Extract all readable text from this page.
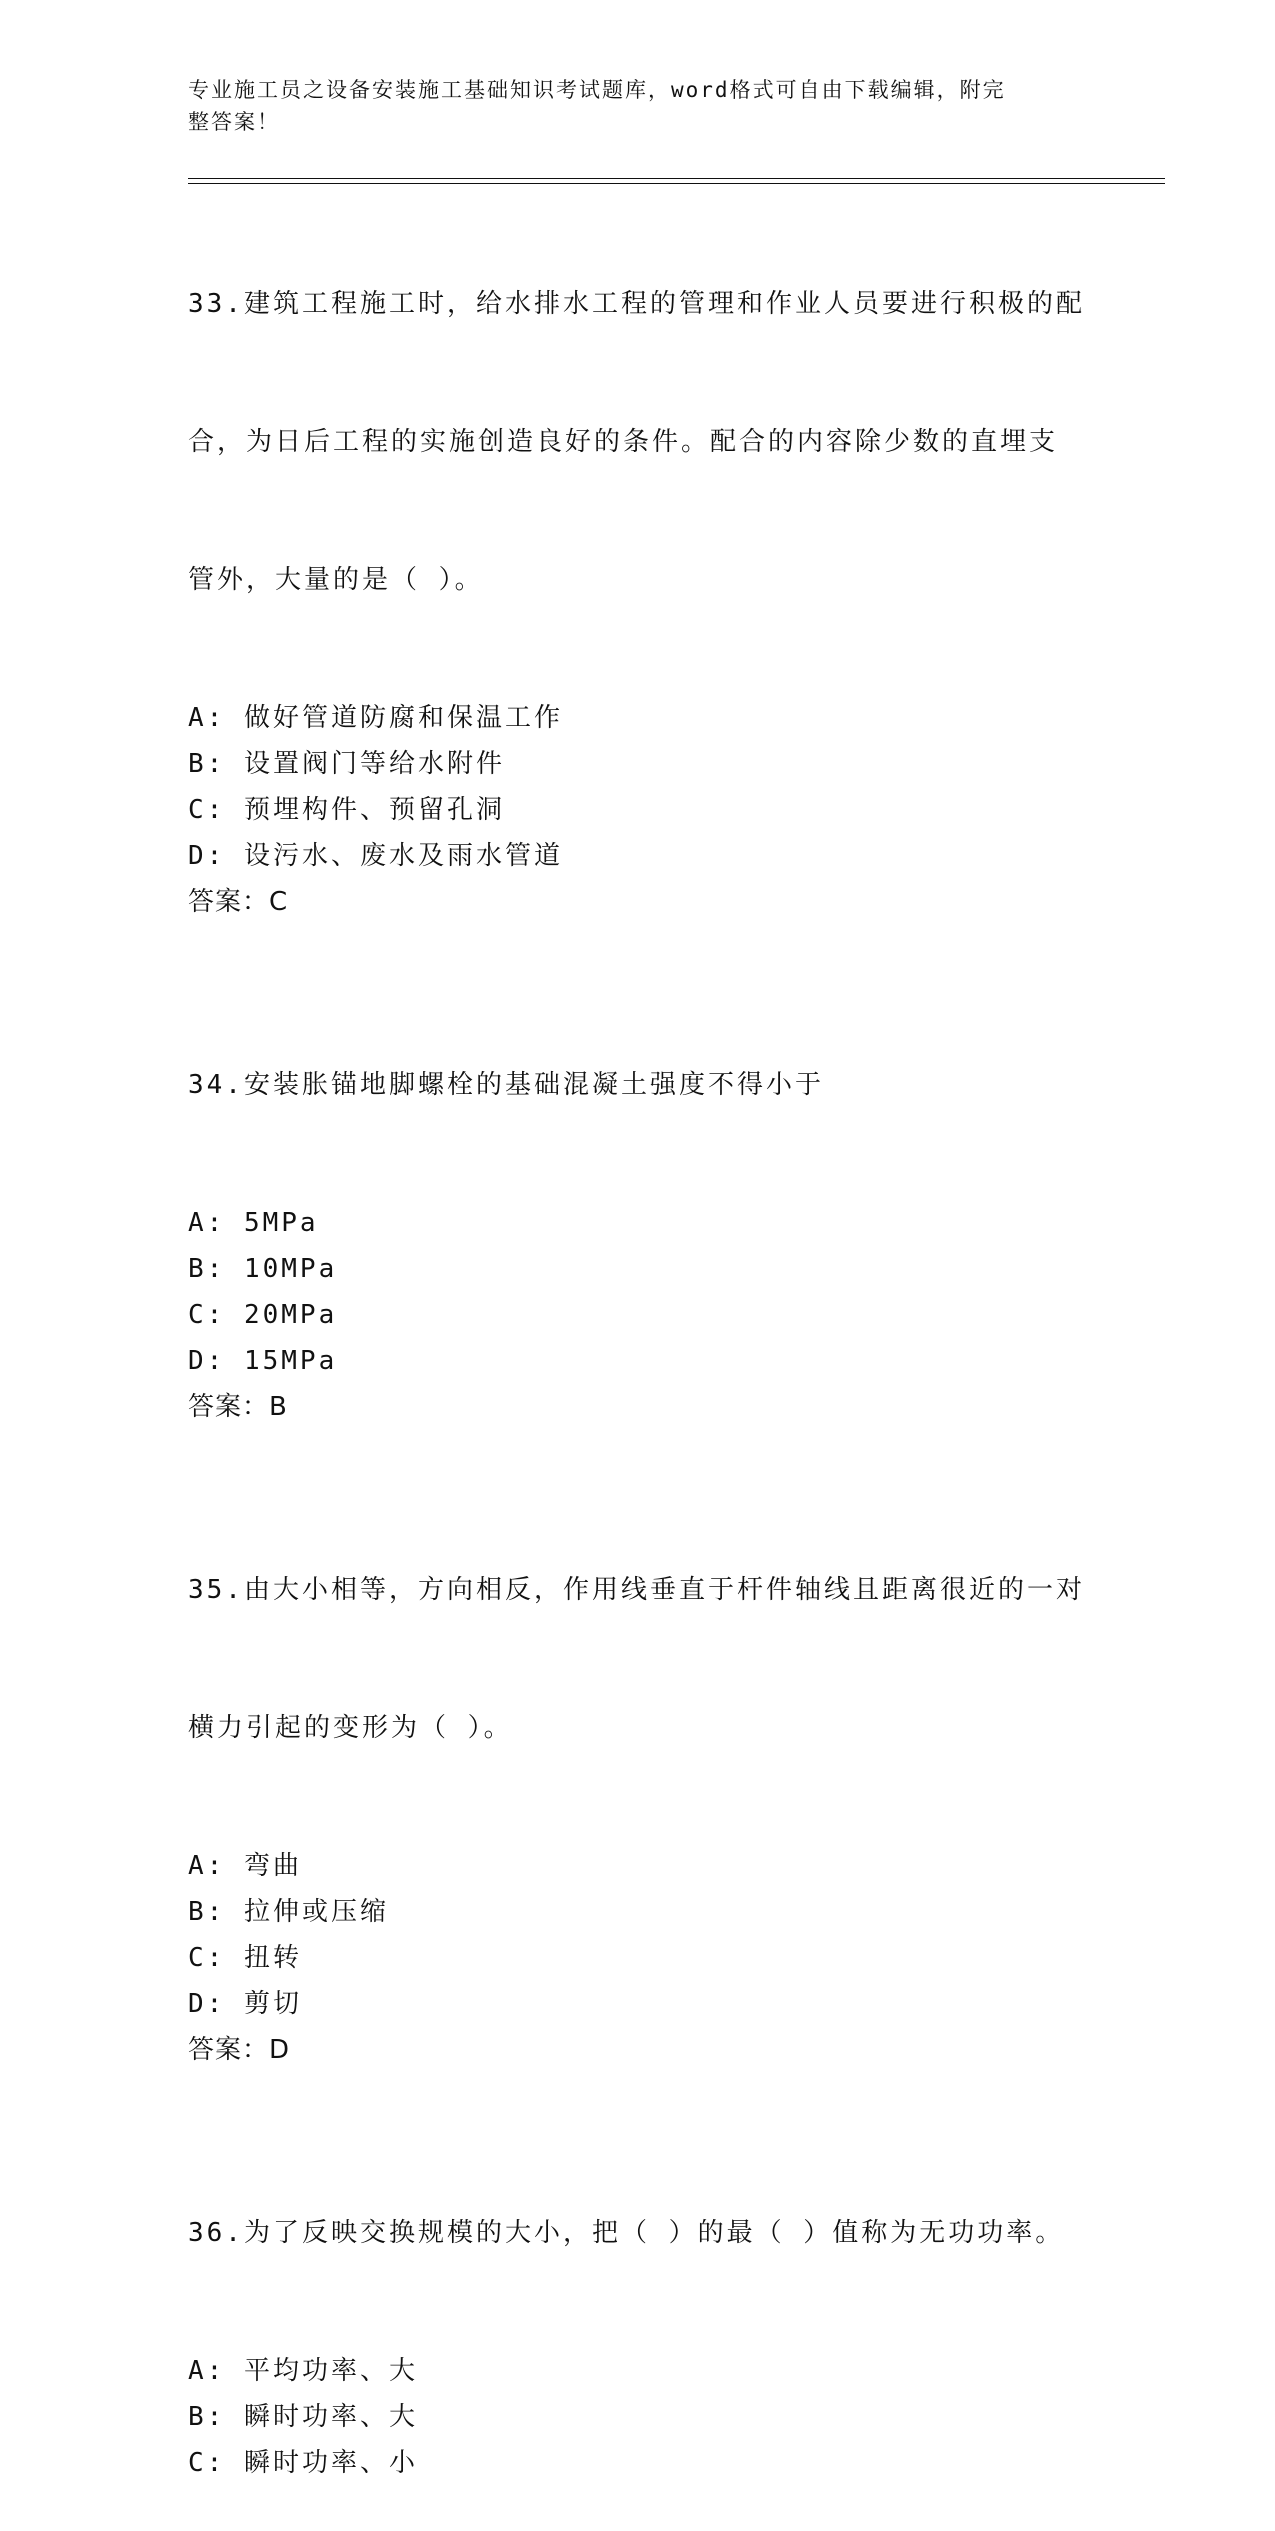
专业施工员之设备安装施工基础知识考试题库，word格式可自由下载编辑，附完
整答案！

33.建筑工程施工时，给水排水工程的管理和作业人员要进行积极的配

合，为日后工程的实施创造良好的条件。配合的内容除少数的直埋支

管外，大量的是（ ）。

A: 做好管道防腐和保温工作
B: 设置阀门等给水附件
C: 预埋构件、预留孔洞
D: 设污水、废水及雨水管道
答案：C

34.安装胀锚地脚螺栓的基础混凝土强度不得小于

A: 5MPa
B: 10MPa
C: 20MPa
D: 15MPa
答案：B

35.由大小相等，方向相反，作用线垂直于杆件轴线且距离很近的一对

横力引起的变形为（ ）。

A: 弯曲
B: 拉伸或压缩
C: 扭转
D: 剪切
答案：D

36.为了反映交换规模的大小，把（ ）的最（ ）值称为无功功率。

A: 平均功率、大
B: 瞬时功率、大
C: 瞬时功率、小
